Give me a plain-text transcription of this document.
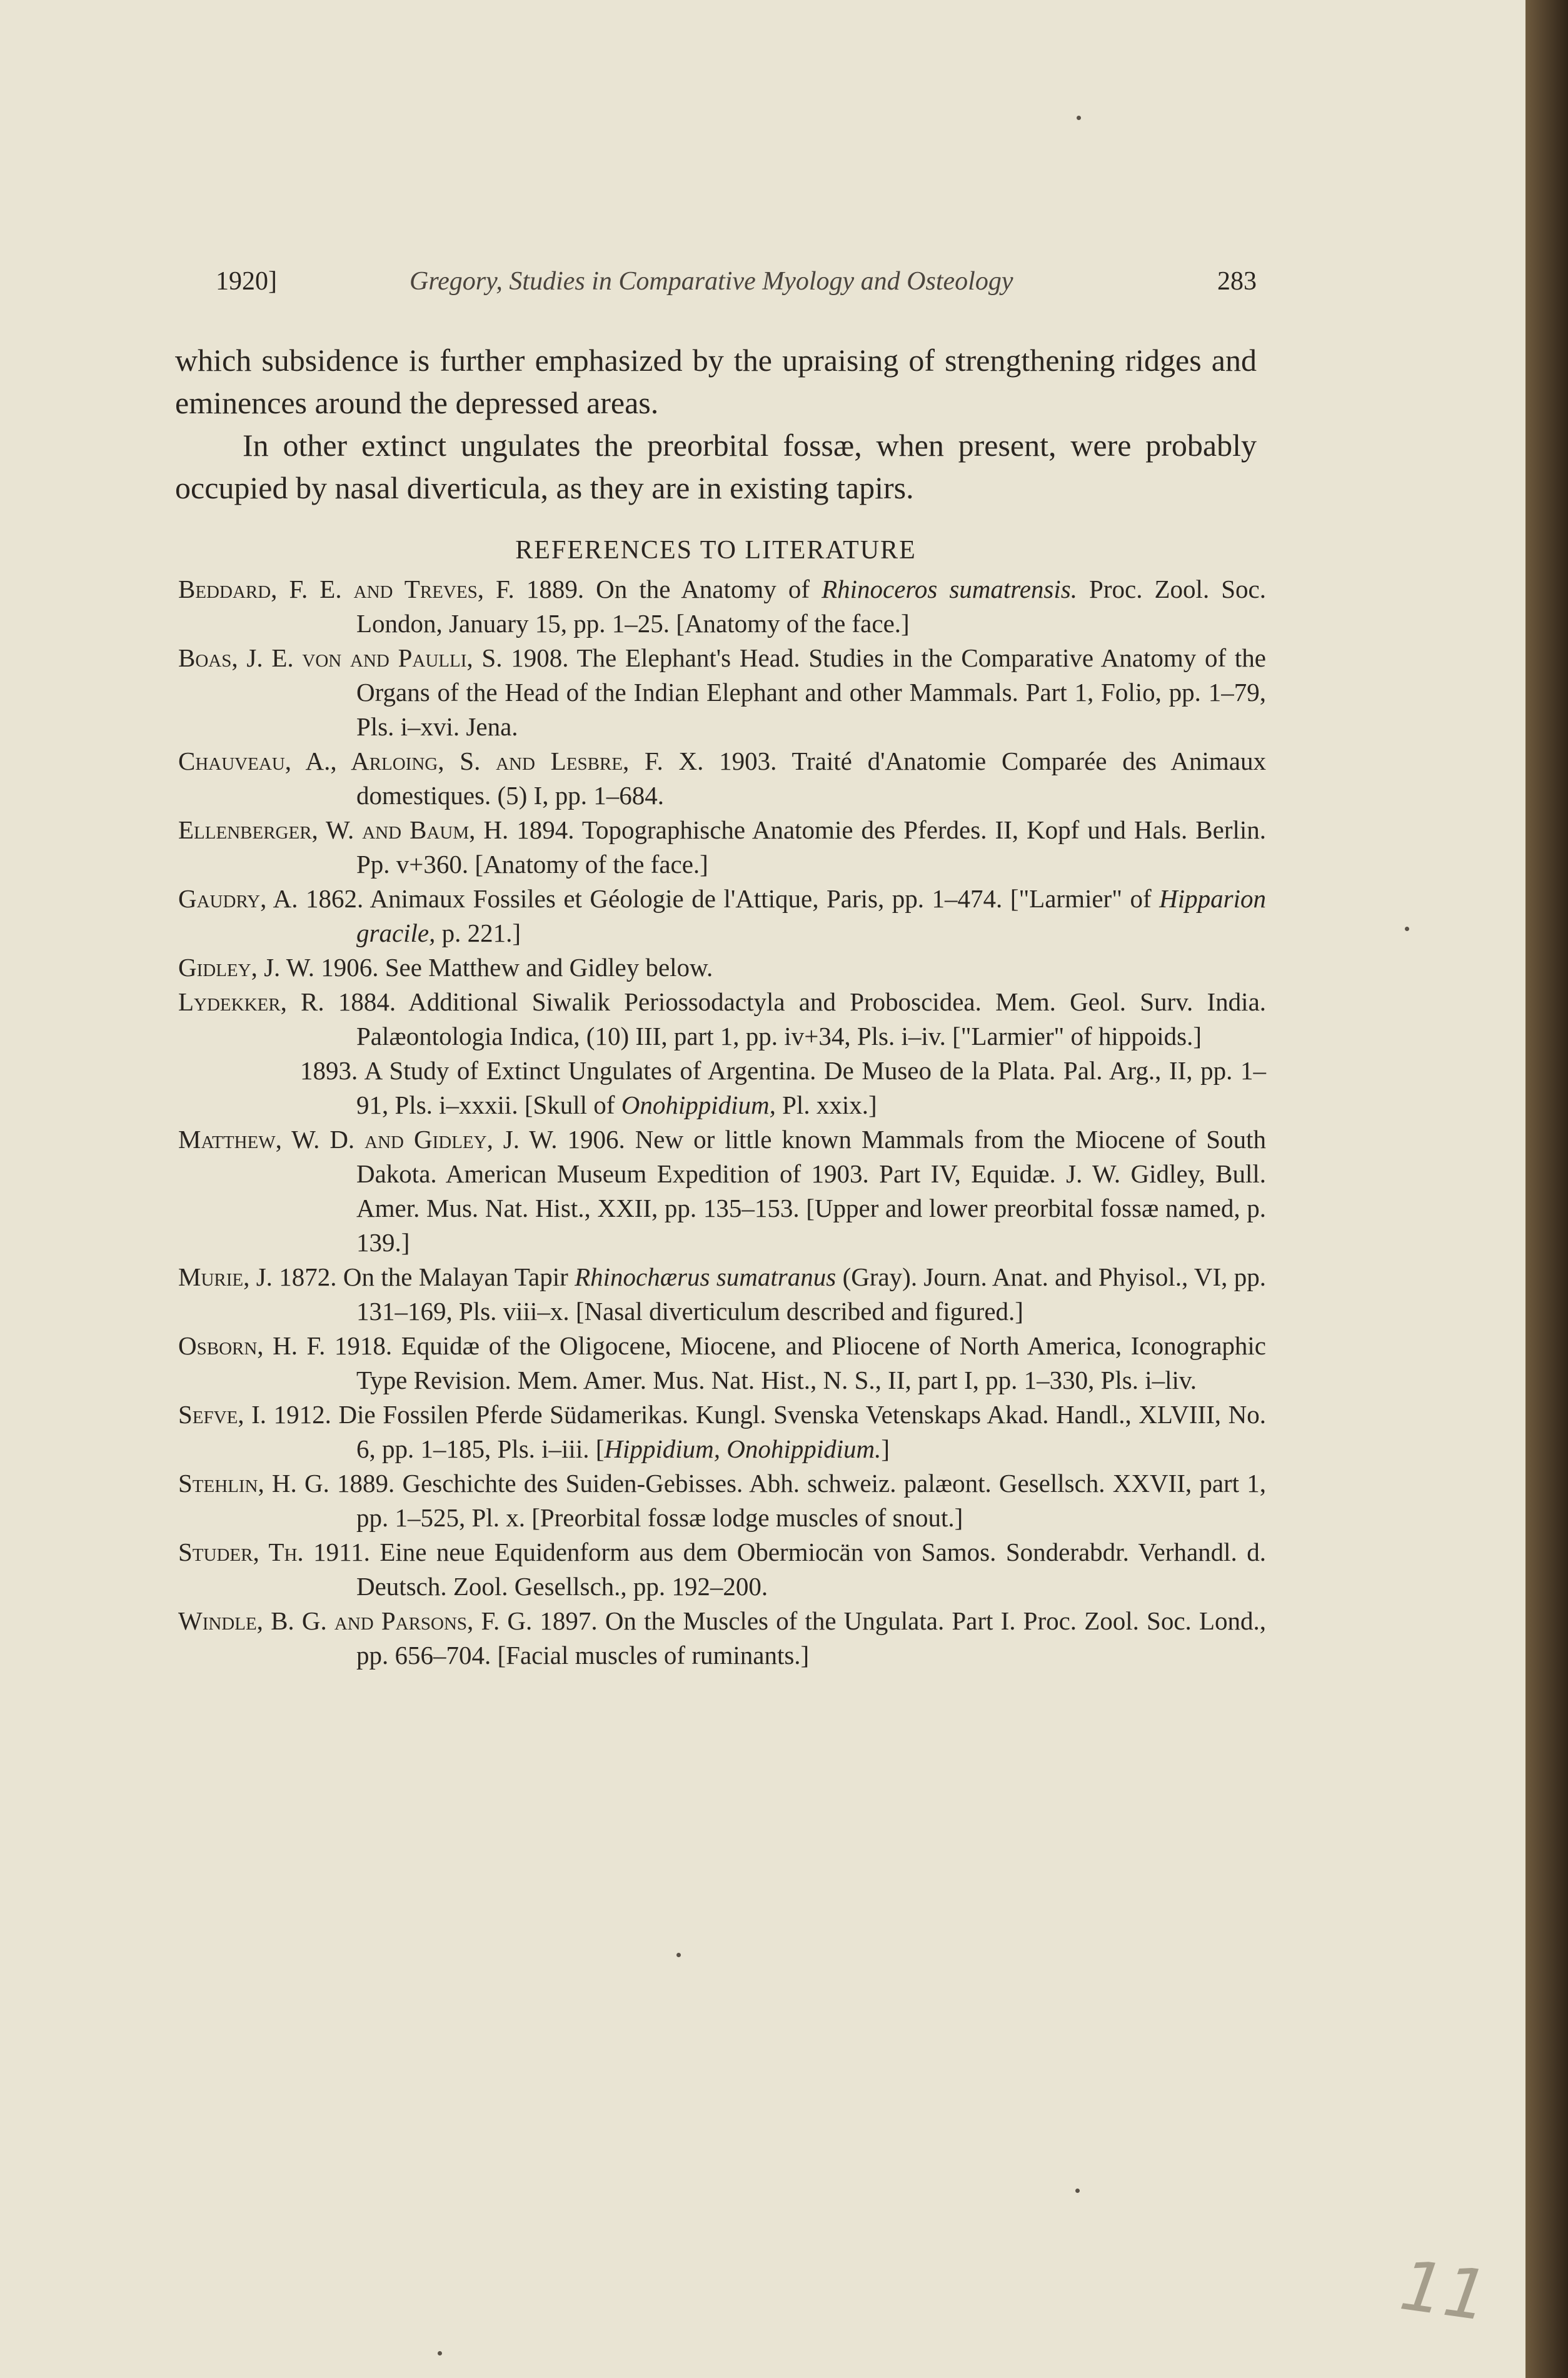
1920]	Gregory, Studies in Comparative Myology and Osteology	283

which subsidence is further emphasized by the upraising of strengthening ridges and eminences around the depressed areas.

In other extinct ungulates the preorbital fossæ, when present, were probably occupied by nasal diverticula, as they are in existing tapirs.

REFERENCES TO LITERATURE

Beddard, F. E. and Treves, F. 1889. On the Anatomy of Rhinoceros sumatrensis. Proc. Zool. Soc. London, January 15, pp. 1–25. [Anatomy of the face.]

Boas, J. E. von and Paulli, S. 1908. The Elephant's Head. Studies in the Comparative Anatomy of the Organs of the Head of the Indian Elephant and other Mammals. Part 1, Folio, pp. 1–79, Pls. i–xvi. Jena.

Chauveau, A., Arloing, S. and Lesbre, F. X. 1903. Traité d'Anatomie Comparée des Animaux domestiques. (5) I, pp. 1–684.

Ellenberger, W. and Baum, H. 1894. Topographische Anatomie des Pferdes. II, Kopf und Hals. Berlin. Pp. v+360. [Anatomy of the face.]

Gaudry, A. 1862. Animaux Fossiles et Géologie de l'Attique, Paris, pp. 1–474. ["Larmier" of Hipparion gracile, p. 221.]

Gidley, J. W. 1906. See Matthew and Gidley below.

Lydekker, R. 1884. Additional Siwalik Periossodactyla and Proboscidea. Mem. Geol. Surv. India. Palæontologia Indica, (10) III, part 1, pp. iv+34, Pls. i–iv. ["Larmier" of hippoids.]

1893. A Study of Extinct Ungulates of Argentina. De Museo de la Plata. Pal. Arg., II, pp. 1–91, Pls. i–xxxii. [Skull of Onohippidium, Pl. xxix.]

Matthew, W. D. and Gidley, J. W. 1906. New or little known Mammals from the Miocene of South Dakota. American Museum Expedition of 1903. Part IV, Equidæ. J. W. Gidley, Bull. Amer. Mus. Nat. Hist., XXII, pp. 135–153. [Upper and lower preorbital fossæ named, p. 139.]

Murie, J. 1872. On the Malayan Tapir Rhinochærus sumatranus (Gray). Journ. Anat. and Phyisol., VI, pp. 131–169, Pls. viii–x. [Nasal diverticulum described and figured.]

Osborn, H. F. 1918. Equidæ of the Oligocene, Miocene, and Pliocene of North America, Iconographic Type Revision. Mem. Amer. Mus. Nat. Hist., N. S., II, part I, pp. 1–330, Pls. i–liv.

Sefve, I. 1912. Die Fossilen Pferde Südamerikas. Kungl. Svenska Vetenskaps Akad. Handl., XLVIII, No. 6, pp. 1–185, Pls. i–iii. [Hippidium, Onohippidium.]

Stehlin, H. G. 1889. Geschichte des Suiden-Gebisses. Abh. schweiz. palæont. Gesellsch. XXVII, part 1, pp. 1–525, Pl. x. [Preorbital fossæ lodge muscles of snout.]

Studer, Th. 1911. Eine neue Equidenform aus dem Obermiocän von Samos. Sonderabdr. Verhandl. d. Deutsch. Zool. Gesellsch., pp. 192–200.

Windle, B. G. and Parsons, F. G. 1897. On the Muscles of the Ungulata. Part I. Proc. Zool. Soc. Lond., pp. 656–704. [Facial muscles of ruminants.]

11
